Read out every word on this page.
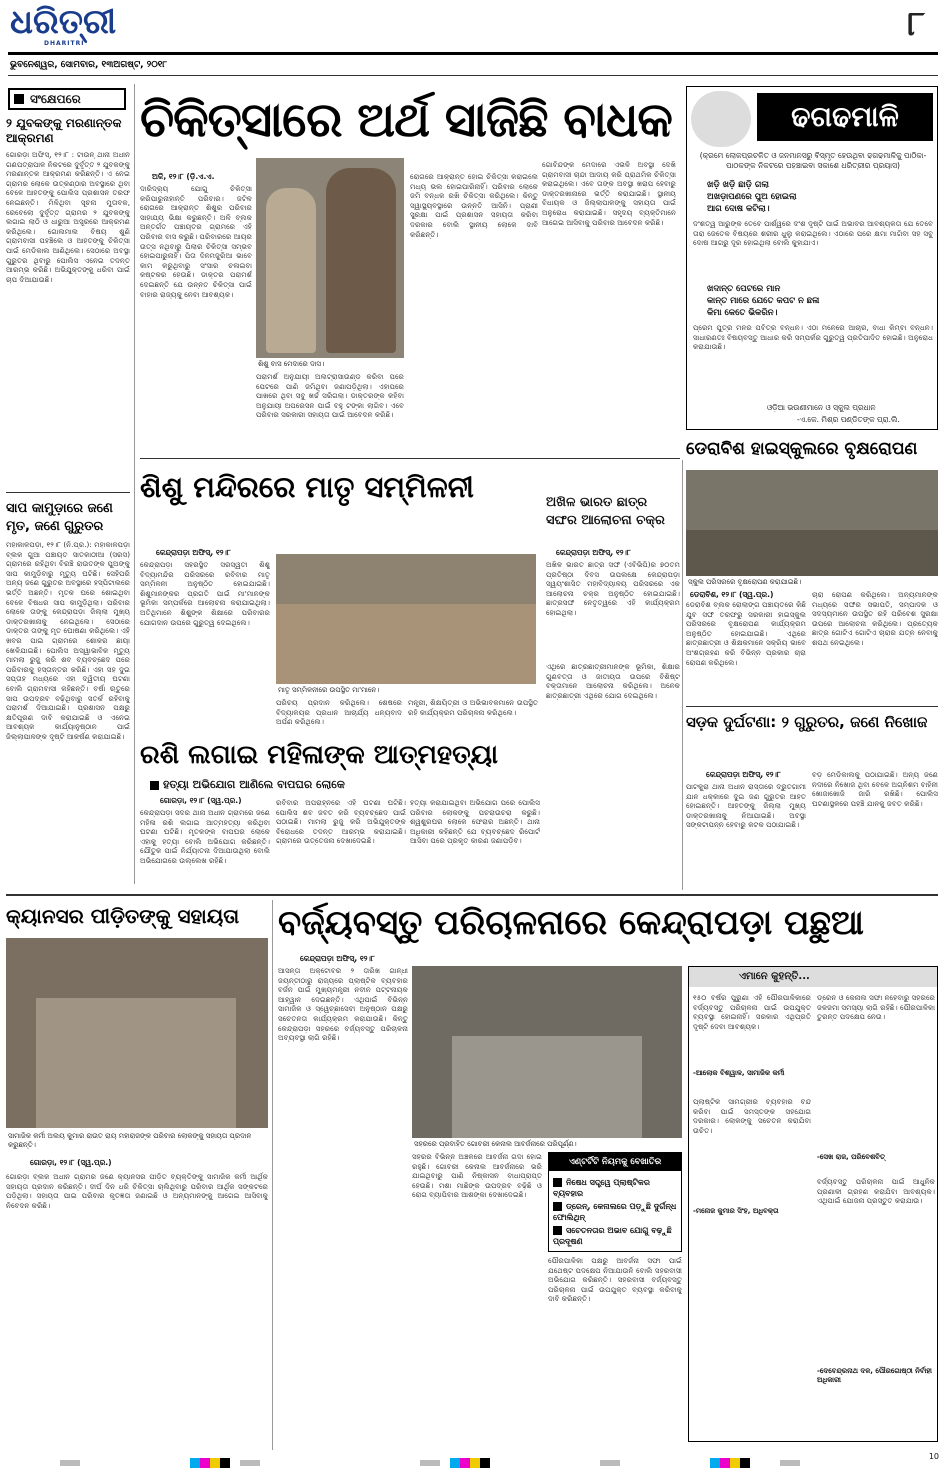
ଧରିତ୍ରୀ
DHARITRI	୮
ଭୁବନେଶ୍ୱର, ସୋମବାର, ୧୩ଅଗଷ୍ଟ, ୨୦୧୮
ସଂକ୍ଷେପରେ
୨ ଯୁବକଙ୍କୁ ମରଣାନ୍ତକ ଆକ୍ରମଣ
ଗୋରଡ଼ା ଅଫିସ୍, ୧୨।୮ : ଟାଉନ୍ ଥାନା ଅଧୀନ ଗଣପତ୍ରାପାଳ ନିକଟରେ ଦୁର୍ବୃତ୍ତ ୨ ଯୁବକଙ୍କୁ ମରଣାନ୍ତକ ଆକ୍ରମଣ କରିଛନ୍ତି। ଏ ନେଇ ଗ୍ରାମର ଲୋକେ ଉତ୍କଣ୍ଠାର ଅବସ୍ଥାରେ ଥିବା ବେଳେ ଆହତଙ୍କୁ ପୋଲିସ ପ୍ରଶାସନ ତରଫ ନେଇଛନ୍ତି। ମିଳିଥିବା ସୂଚନା ମୁତାବକ, ରେବେଲୋ ଦୁର୍ବୃତ୍ତ ଗ୍ରାମର ୨ ଯୁବକଙ୍କୁ ଲଗାଇ ଲାଠି ଓ ଧାରୁଆ ଅସ୍ତ୍ରରେ ଆକ୍ରମଣ କରିଥିଲେ। ଗୋଲମାଲ ବିଷୟ ଶୁଣି ଗ୍ରାମବାସୀ ପହଞ୍ଚିଲେ ଓ ଆହତଙ୍କୁ ଚିକିତ୍ସା ପାଇଁ ମେଡିକାଲ ଆଣିଥିଲେ। ସେଠାରେ ଅବସ୍ଥା ଗୁରୁତର ଥିବାରୁ ପୋଲିସ ଏନେଇ ତଦନ୍ତ ଆରମ୍ଭ କରିଛି। ଅଭିଯୁକ୍ତଙ୍କୁ ଧରିବା ପାଇଁ ଚାପ ଦିଆଯାଉଛି।
ସାପ କାମୁଡ଼ାରେ ଜଣେ ମୃତ, ଜଣେ ଗୁରୁତର
ମହାକାଳପଡ଼ା, ୧୨।୮ (ନି.ପ୍ର.): ମହାକାଳପଡ଼ା ବ୍ଲକ ଗୁଆ ପଞ୍ଚାୟତ ସାତକାଠୀଆ (ସରସ) ଗ୍ରାମରେ ରହିଥିବା ବିରଞ୍ଚି ରାଉତଙ୍କ ପୁଅଙ୍କୁ ସାପ କାମୁଡ଼ିବାରୁ ମୃତ୍ୟୁ ଘଟିଛି। ସେହିପରି ଅନ୍ୟ ଜଣେ ଗୁରୁତର ଅବସ୍ଥାରେ ହସ୍ପିଟାଲରେ ଭର୍ତ୍ତି ଅଛନ୍ତି। ମୃତକ ଘରେ ଶୋଇଥିବା ବେଳେ ବିଷଧର ସାପ କାମୁଡ଼ିଥିଲା। ପରିବାର ଲୋକେ ତାଙ୍କୁ କେନ୍ଦ୍ରାପଡ଼ା ଜିଲ୍ଲା ମୁଖ୍ୟ ଡାକ୍ତରଖାନାକୁ ନେଇଥିଲେ। ସେଠାରେ ଡାକ୍ତର ତାଙ୍କୁ ମୃତ ଘୋଷଣା କରିଥିଲେ। ଏହି ଖବର ପାଇ ଗ୍ରାମରେ ଶୋକର ଛାୟା ଖେଳିଯାଇଛି। ପୋଲିସ ଅସ୍ୱାଭାବିକ ମୃତ୍ୟୁ ମାମଲା ରୁଜୁ କରି ଶବ ବ୍ୟବଚ୍ଛେଦ ପରେ ପରିବାରକୁ ହସ୍ତାନ୍ତର କରିଛି। ଏହା ସହ ଦୁଇ ସପ୍ତାହ ମଧ୍ୟରେ ଏହା ଦ୍ୱିତୀୟ ଘଟଣା ବୋଲି ଗ୍ରାମବାସୀ କହିଛନ୍ତି। ବର୍ଷା ଋତୁରେ ସାପ ଉପଦ୍ରବ ବଢ଼ିଥିବାରୁ ସତର୍କ ରହିବାକୁ ପରାମର୍ଶ ଦିଆଯାଇଛି। ପ୍ରଶାସନ ପକ୍ଷରୁ କ୍ଷତିପୂରଣ ଦାବି କରାଯାଇଛି ଓ ଏନେଇ ଆବଶ୍ୟକ କାର୍ଯ୍ୟାନୁଷ୍ଠାନ ପାଇଁ ଜିଲ୍ଲାପାଳଙ୍କ ଦୃଷ୍ଟି ଆକର୍ଷଣ କରାଯାଇଛି।
ଚିକିତ୍ସାରେ ଅର୍ଥ ସାଜିଛି ବାଧକ
ଅଳି, ୧୨।୮ (ଡ଼ି.ଏ.ଏ.
ଶିଶୁ ବାସ ମେଦାରେ ଦାସ।
ଦାରିଦ୍ର୍ୟ ଯୋଗୁ ଚିକିତ୍ସା କରିପାରୁନାହାନ୍ତି ପରିବାର। ଜଟିଳ ରୋଗରେ ଆକ୍ରାନ୍ତ ଶିଶୁର ପରିବାର ସାହାଯ୍ୟ ଭିକ୍ଷା କରୁଛନ୍ତି। ଅଳି ବ୍ଲକ ଅନ୍ତର୍ଗତ ପଞ୍ଚାୟତର ଗ୍ରାମରେ ଏହି ପରିବାର ବାସ କରୁଛି। ପରିବାରରେ ଆୟର ଉତ୍ସ ନଥିବାରୁ ପିଲାର ଚିକିତ୍ସା ସମ୍ଭବ ହୋଇପାରୁନାହିଁ। ପିତା ଦିନମଜୁରିଆ ଭାବେ କାମ କରୁଥିବାରୁ ସଂସାର ଚଳାଇବା କଷ୍ଟକର ହେଉଛି। ଡାକ୍ତର ପରାମର୍ଶ ଦେଇଛନ୍ତି ଯେ ଉନ୍ନତ ଚିକିତ୍ସା ପାଇଁ ବାହାର ରାଜ୍ୟକୁ ନେବା ଆବଶ୍ୟକ।
ପରାମର୍ଶ ଅନୁଯାୟୀ ଅଲଟ୍ରାସାଉଣ୍ଡ କରିବା ପରେ ପେଟରେ ପାଣି ଜମିଥିବା ଜଣାପଡ଼ିଥିଲା। ଏହାପରେ ପାଖରେ ଥିବା ସବୁ ଖର୍ଚ୍ଚ ସରିଗଲା। ଡାକ୍ତରଙ୍କ କହିବା ଅନୁଯାୟୀ ଅପରେସନ ପାଇଁ ବହୁ ଟଙ୍କା ଲାଗିବ। ଏବେ ପରିବାର ସରକାରୀ ସହାୟତା ପାଇଁ ଆବେଦନ କରିଛି।
ରୋଗରେ ଆକ୍ରାନ୍ତ ହୋଇ ଚିକିତ୍ସା କରାଇଲେ ମଧ୍ୟ ଭଲ ହୋଇପାରିନାହିଁ। ପରିବାର ଲୋକେ ଜମି ବନ୍ଧକ ରଖି ଚିକିତ୍ସା କରିଥିଲେ। କିନ୍ତୁ ସ୍ୱାସ୍ଥ୍ୟବସ୍ଥାରେ ଉନ୍ନତି ଆସିନି। ପ୍ରାଣୀ ସୁରକ୍ଷା ପାଇଁ ପ୍ରଶାସନ ସହାୟତା କରିବା ଦରକାର ବୋଲି ସ୍ଥାନୀୟ ଲୋକେ ଦାବି କରିଛନ୍ତି।
ଗୋବିନ୍ଦଙ୍କ ମେଦାରେ ଏଭଳି ଅବସ୍ଥା ଦେଖି ଗ୍ରାମବାସୀ ଚାନ୍ଦା ଆଦାୟ କରି ପ୍ରାଥମିକ ଚିକିତ୍ସା କରାଇଥିଲେ। ଏବେ ତାଙ୍କ ଅବସ୍ଥା ଖରାପ ହେବାରୁ ଡାକ୍ତରଖାନାରେ ଭର୍ତ୍ତି କରାଯାଇଛି। ସ୍ଥାନୀୟ ବିଧାୟକ ଓ ଜିଲ୍ଲାପାଳଙ୍କୁ ସହାୟତା ପାଇଁ ଅନୁରୋଧ କରାଯାଇଛି। ସହୃଦୟ ବ୍ୟକ୍ତିମାନେ ଆଗେଇ ଆସିବାକୁ ପରିବାର ଆବେଦନ କରିଛି।
ଢଗଢମାଳି
(କ୍ରମେ ଲୋକପ୍ରଚଳିତ ଓ ଜନମାନସରୁ ବିସ୍ମୃତ ହେଉଥିବା ଢଗଢମାଳିକୁ ପାଠିକା-ପାଠକଙ୍କ ନିକଟରେ ପହଞ୍ଚାଇବା ସକାଶେ ଧରିତ୍ରୀର ପ୍ରୟାସ)
ଖଡ଼ି ଖଡ଼ି ଛାଡ଼ି ଗଲା
ଅଖଡ଼ାପଣରେ ପୁଅ ହୋଇଲା
ଆଗ ଦୋଷ କଟିଲା।
ଦଂଶତ୍ୱ ଆରୁଙ୍କ ତେବେ ପାର୍ଶ୍ୱରେ ଦଂଶ ଦୃଷ୍ଟି ପାଇଁ ଅଭାବର ଆବଶ୍ୟକତା ଯେ ତେବେ ତାରା ଜେତେକ ବିଷୟରେ ଶରୀର ଧୁଲୁ କରାଇଥିଲେ। ଏଠାରେ ପରେ କ୍ଷମା ମାଗିବା ସହ ସବୁ ଦୋଷ ଆଗରୁ ଦୂର ହୋଇଥିଲା ବୋଲି କୁହାଯାଏ।
ଖଦାନ୍ତ ପେଟରେ ମାନ
କାନ୍ତ ମାରେ ଯେତେ କପଟ ନ ଛଳା
କିମା କେତେ ଭିକରିନ।
ପ୍ରେମ ପୁତ୍ର ମନର ପବିତ୍ର ବନ୍ଧନ। ଏଠା ମନେରେ ଆଚାର, ବାଧା କିମ୍ବା ବନ୍ଧନ। ସାଧାରଣତଃ ବିଷୟବସ୍ତୁ ଆଧାର କରି ସମ୍ପର୍କର ଗୁରୁତ୍ୱ ପ୍ରତିପାଦିତ ହୋଇଛି। ଅନୁରୋଧ କରାଯାଉଛି।
ଓଡ଼ିଆ ଭଉଣୀମାନେ ଓ ସ୍କୁଲ ପ୍ରଧାନ
-ଏ.କେ. ମିଶ୍ର ପଣ୍ଡିତଙ୍କ ପ୍ରା.ଲି.
ଡେରାବିଶ ହାଇସ୍କୁଲରେ ବୃକ୍ଷରୋପଣ
ସ୍କୁଲ ପରିସରରେ ବୃକ୍ଷରୋପଣ କରାଯାଇଛି।
ଡେରାବିଶ, ୧୨।୮ (ସ୍ୱ.ପ୍ର.)
ଡେରାବିଶ ବ୍ଲକ ରୋଲାଙ୍ଗ ପଞ୍ଚାୟତରେ କିଛି ଯୁବ ସଙ୍ଘ ତରଫରୁ ସରକାରୀ ହାଇସ୍କୁଲ ପରିସରରେ ବୃକ୍ଷରୋପଣ କାର୍ଯ୍ୟକ୍ରମ ଅନୁଷ୍ଠିତ ହୋଇଯାଇଛି। ଏଥିରେ ଛାତ୍ରଛାତ୍ରୀ ଓ ଶିକ୍ଷକମାନେ ସକ୍ରିୟ ଭାବେ ଅଂଶଗ୍ରହଣ କରି ବିଭିନ୍ନ ପ୍ରକାର ଚାରା ରୋପଣ କରିଥିଲେ।
ଚାରା ରୋପଣ କରିଥିଲେ। ଅନ୍ୟମାନଙ୍କ ମଧ୍ୟରେ ସଙ୍ଘର ସଭାପତି, ସମ୍ପାଦକ ଓ ସଦସ୍ୟମାନେ ଉପସ୍ଥିତ ରହି ପରିବେଶ ସୁରକ୍ଷା ଉପରେ ଆଲୋଚନା କରିଥିଲେ। ପ୍ରତ୍ୟେକ ଛାତ୍ର ଗୋଟିଏ ଗୋଟିଏ ଚାରାର ଯତ୍ନ ନେବାକୁ ଶପଥ ନେଇଥିଲେ।
ଶିଶୁ ମନ୍ଦିରରେ ମାତୃ ସମ୍ମିଳନୀ
କେନ୍ଦ୍ରାପଡ଼ା ଅଫିସ୍, ୧୨।୮
ମାତୃ ସମ୍ମିଳନୀରେ ଉପସ୍ଥିତ ମା'ମାନେ।
କେନ୍ଦ୍ରାପଡ଼ା ସହରସ୍ଥିତ ସରସ୍ୱତୀ ଶିଶୁ ବିଦ୍ୟାମନ୍ଦିର ପରିସରରେ ରବିବାର ମାତୃ ସମ୍ମିଳନୀ ଅନୁଷ୍ଠିତ ହୋଇଯାଇଛି। ଶିଶୁମାନଙ୍କର ପ୍ରଗତି ପାଇଁ ମା'ମାନଙ୍କ ଭୂମିକା ସମ୍ପର୍କରେ ଆଲୋଚନା କରାଯାଇଥିଲା। ଅତିଥିମାନେ ଶିଶୁଙ୍କ ଶିକ୍ଷାରେ ପରିବାରର ଯୋଗଦାନ ଉପରେ ଗୁରୁତ୍ୱ ଦେଇଥିଲେ।
ପରିଚୟ ପ୍ରଦାନ କରିଥିଲେ। ଶେଷରେ ବିଦ୍ୟାଳୟର ପ୍ରଧାନ ଆଚାର୍ଯ୍ୟ ଧନ୍ୟବାଦ ଅର୍ପଣ କରିଥିଲେ।
ମନ୍ତ୍ରୀ, ଶିକ୍ଷୟିତ୍ରୀ ଓ ଅଭିଭାବକମାନେ ଉପସ୍ଥିତ ରହି କାର୍ଯ୍ୟକ୍ରମ ପରିଚାଳନା କରିଥିଲେ।
ଅଖିଳ ଭାରତ ଛାତ୍ର
ସଙ୍ଘର ଆଲୋଚନା ଚକ୍ର
କେନ୍ଦ୍ରାପଡ଼ା ଅଫିସ୍, ୧୨।୮
ଅଖିଳ ଭାରତ ଛାତ୍ର ସଙ୍ଘ (ଏବିଭିପି)ର ୭୦ତମ ପ୍ରତିଷ୍ଠା ଦିବସ ଉପଲକ୍ଷେ କେନ୍ଦ୍ରାପଡ଼ା ସ୍ୱୟଂଶାସିତ ମହାବିଦ୍ୟାଳୟ ପରିସରରେ ଏକ ଆଲୋଚନା ଚକ୍ର ଅନୁଷ୍ଠିତ ହୋଇଯାଇଛି। ଛାତ୍ରସଙ୍ଘ ନେତୃତ୍ୱରେ ଏହି କାର୍ଯ୍ୟକ୍ରମ ହୋଇଥିଲା।
ଏଥିରେ ଛାତ୍ରଛାତ୍ରୀମାନଙ୍କ ଭୂମିକା, ଶିକ୍ଷାର ଗୁଣବତ୍ତା ଓ ଜାତୀୟତା ଉପରେ ବିଶିଷ୍ଟ ବକ୍ତାମାନେ ଆଲୋଚନା କରିଥିଲେ। ଅନେକ ଛାତ୍ରଛାତ୍ରୀ ଏଥିରେ ଯୋଗ ଦେଇଥିଲେ।
ରଶି ଲଗାଇ ମହିଳାଙ୍କ ଆତ୍ମହତ୍ୟା
ହତ୍ୟା ଅଭିଯୋଗ ଆଣିଲେ ବାପଘର ଲୋକେ
ଗୋରଡ଼ା, ୧୨।୮ (ସ୍ୱ.ପ୍ର.)
କେନ୍ଦ୍ରାପଡ଼ା ସଦର ଥାନା ଅଧୀନ ଗ୍ରାମରେ ଜଣେ ମହିଳା ରଶି ଲଗାଇ ଆତ୍ମହତ୍ୟା କରିଥିବା ଘଟଣା ଘଟିଛି। ମୃତକଙ୍କ ବାପଘର ଲୋକେ ଏହାକୁ ହତ୍ୟା ବୋଲି ଅଭିଯୋଗ କରିଛନ୍ତି। ଯୌତୁକ ପାଇଁ ନିର୍ଯ୍ୟାତନା ଦିଆଯାଉଥିଲା ବୋଲି ଅଭିଯୋଗରେ ଉଲ୍ଲେଖ ରହିଛି।
ରବିବାର ଅପରାହ୍ନରେ ଏହି ଘଟଣା ଘଟିଛି। ପୋଲିସ ଶବ ଜବତ କରି ବ୍ୟବଚ୍ଛେଦ ପାଇଁ ପଠାଇଛି। ମାମଲା ରୁଜୁ କରି ଅଭିଯୁକ୍ତଙ୍କ ବିରୋଧରେ ତଦନ୍ତ ଆରମ୍ଭ କରାଯାଇଛି। ଗ୍ରାମରେ ଉତ୍ତେଜନା ଦେଖାଦେଇଛି।
ହତ୍ୟା କରାଯାଇଥିବା ଅଭିଯୋଗ ପରେ ପୋଲିସ ପରିବାର ଲୋକଙ୍କୁ ପଚରାଉଚରା କରୁଛି। ଶ୍ୱଶୁରଘର ଲୋକେ ଫେରାର ଅଛନ୍ତି। ଥାନା ଅଧିକାରୀ କହିଛନ୍ତି ଯେ ବ୍ୟବଚ୍ଛେଦ ରିପୋର୍ଟ ଆସିବା ପରେ ପ୍ରକୃତ କାରଣ ଜଣାପଡ଼ିବ।
ସଡ଼କ ଦୁର୍ଘଟଣା: ୨ ଗୁରୁତର, ଜଣେ ନିଖୋଜ
କେନ୍ଦ୍ରାପଡ଼ା ଅଫିସ୍, ୧୨।୮
ପାଟକୁରା ଥାନା ଅଧୀନ ରାସ୍ତାରେ ଦ୍ରୁତଗାମୀ ଯାନ ଧକ୍କାରେ ଦୁଇ ଜଣ ଗୁରୁତର ଆହତ ହୋଇଛନ୍ତି। ଆହତଙ୍କୁ ଜିଲ୍ଲା ମୁଖ୍ୟ ଡାକ୍ତରଖାନାକୁ ନିଆଯାଇଛି। ଅବସ୍ଥା ସଙ୍କଟାପନ୍ନ ହେବାରୁ କଟକ ପଠାଯାଇଛି।
ବଡ଼ ମେଡିକାଲକୁ ପଠାଯାଇଛି। ଅନ୍ୟ ଜଣେ ନଦୀରେ ନିଖୋଜ ଥିବା ବେଳେ ଅଗ୍ନିଶମ ବାହିନୀ ଖୋଜାଖୋଜି ଜାରି ରଖିଛି। ପୋଲିସ ଘଟଣାସ୍ଥଳରେ ପହଞ୍ଚି ଯାନକୁ ଜବତ କରିଛି।
କ୍ୟାନସର ପୀଡ଼ିତଙ୍କୁ ସହାୟତା
ସାମାଜିକ କର୍ମୀ ଅଲୟ କୁମାର ରାଉତ ରାୟ ମହାରାଜଙ୍କ ପରିବାର ଲୋକଙ୍କୁ ସହାୟତା ପ୍ରଦାନ କରୁଛନ୍ତି।
ଗୋରଡ଼ା, ୧୨।୮ (ସ୍ୱ.ପ୍ର.)
ଗୋରଡ଼ା ବ୍ଲକ ଅଧୀନ ଗ୍ରାମର ଜଣେ କ୍ୟାନସର ପୀଡ଼ିତ ବ୍ୟକ୍ତିଙ୍କୁ ସାମାଜିକ କର୍ମୀ ଆର୍ଥିକ ସହାୟତା ପ୍ରଦାନ କରିଛନ୍ତି। ଦୀର୍ଘ ଦିନ ଧରି ଚିକିତ୍ସା ଚାଲିଥିବାରୁ ପରିବାର ଆର୍ଥିକ ସଙ୍କଟରେ ପଡ଼ିଥିଲା। ସହାୟତା ପାଇ ପରିବାର କୃତଜ୍ଞତା ଜଣାଇଛି ଓ ଅନ୍ୟମାନଙ୍କୁ ଆଗେଇ ଆସିବାକୁ ନିବେଦନ କରିଛି।
ବର୍ଜ୍ୟବସ୍ତୁ ପରିଚାଳନାରେ କେନ୍ଦ୍ରାପଡ଼ା ପଛୁଆ
କେନ୍ଦ୍ରାପଡ଼ା ଅଫିସ୍, ୧୨।୮
ସହରରେ ପ୍ରବାହିତ ଗୋବରୀ କେନାଲ ଆବର୍ଜନାରେ ପରିପୂର୍ଣ୍ଣ।
ଆସନ୍ତା ଅକ୍ଟୋବର ୨ ତାରିଖ ଗାନ୍ଧୀ ଜୟନ୍ତୀଠାରୁ ରାଜ୍ୟରେ ପ୍ଲାଷ୍ଟିକ ବ୍ୟବହାର ବର୍ଜନ ପାଇଁ ମୁଖ୍ୟମନ୍ତ୍ରୀ ନବୀନ ପଟ୍ଟନାୟକ ଆହ୍ୱାନ ଦେଇଛନ୍ତି। ଏଥିପାଇଁ ବିଭିନ୍ନ ସାମାଜିକ ଓ ସ୍ୱେଚ୍ଛାସେବୀ ଅନୁଷ୍ଠାନ ପକ୍ଷରୁ ସଚେତନତା କାର୍ଯ୍ୟକ୍ରମ କରାଯାଉଛି। କିନ୍ତୁ କେନ୍ଦ୍ରାପଡ଼ା ସହରରେ ବର୍ଜ୍ୟବସ୍ତୁ ପରିଚାଳନା ଅବ୍ୟବସ୍ଥା ଲାଗି ରହିଛି।
ସହରର ବିଭିନ୍ନ ଅଞ୍ଚଳରେ ଆବର୍ଜନା ଗଦା ହୋଇ ରହୁଛି। ଗୋବରୀ କେନାଲ ଆବର୍ଜନାରେ ଭରି ଯାଇଥିବାରୁ ପାଣି ନିଷ୍କାସନ ବାଧାପ୍ରାପ୍ତ ହେଉଛି। ମଶା ମାଛିଙ୍କ ଉପଦ୍ରବ ବଢ଼ିଛି ଓ ରୋଗ ବ୍ୟାପିବାର ଆଶଙ୍କା ଦେଖାଦେଇଛି।
ପୌରପାଳିକା ପକ୍ଷରୁ ଆବର୍ଜନା ସଫା ପାଇଁ ଯଥେଷ୍ଟ ପଦକ୍ଷେପ ନିଆଯାଉନି ବୋଲି ସହରବାସୀ ଅଭିଯୋଗ କରିଛନ୍ତି। ସହରବାସୀ ବର୍ଜ୍ୟବସ୍ତୁ ପରିଚାଳନା ପାଇଁ ଉପଯୁକ୍ତ ବ୍ୟବସ୍ଥା କରିବାକୁ ଦାବି କରିଛନ୍ତି।
ଏଣ୍ଟର୍ଟିଟି ନିୟମକୁ ବେଖାତିର
ନିଷେଧ ସତ୍ତ୍ୱେ ପ୍ଲାଷ୍ଟିକର ବ୍ୟବହାର
ଡ୍ରେନ୍, କେନାଲରେ ପଡ଼ୁଛି ଦୁର୍ଗନ୍ଧ ଫୋଲିଥିନ୍
ସଚେତନତାର ଅଭାବ ଯୋଗୁ ବଢ଼ୁଛି ପ୍ରଦୂଷଣ
ଏମାନେ କୁହନ୍ତି...
୧୫୦ ବର୍ଷର ପୁରୁଣା ଏହି ପୌରପାଳିକାରେ ବର୍ଜ୍ୟବସ୍ତୁ ପରିଚାଳନା ପାଇଁ ଉପଯୁକ୍ତ ବ୍ୟବସ୍ଥା ହୋଇନାହିଁ। ସରକାର ଏଥିପ୍ରତି ଦୃଷ୍ଟି ଦେବା ଆବଶ୍ୟକ।
-ଆଲୋକ ବିଶ୍ୱାଳ, ସାମାଜିକ କର୍ମୀ
ପ୍ଲାଷ୍ଟିକ ସାମଗ୍ରୀର ବ୍ୟବହାର ବନ୍ଦ କରିବା ପାଇଁ ସମସ୍ତଙ୍କ ସହଯୋଗ ଦରକାର। ଲୋକଙ୍କୁ ସଚେତନ କରାଯିବା ଉଚିତ।
-ମନୋଜ କୁମାର ସିଂହ, ଅଧିବକ୍ତା
ଡ୍ରେନ ଓ କେନାଲ ସଫା ନହେବାରୁ ସହରରେ ଜଳଜମା ସମସ୍ୟା ଲାଗି ରହିଛି। ପୌରପାଳିକା ତୁରନ୍ତ ପଦକ୍ଷେପ ନେଉ।
-ସେଖ ରାଜ, ପରିବେଶବିତ୍
ବର୍ଜ୍ୟବସ୍ତୁ ପରିଚାଳନା ପାଇଁ ଆଧୁନିକ ପ୍ରଣାଳୀ ଗ୍ରହଣ କରାଯିବା ଆବଶ୍ୟକ। ଏଥିପାଇଁ ଯୋଜନା ପ୍ରସ୍ତୁତ କରାଯାଉ।
-ଦେବେନ୍ଦ୍ରନାଥ ଦଳ, ପୌରଗୋଷ୍ଠୀ ନିର୍ବାହୀ ଅଧିକାରୀ
10
